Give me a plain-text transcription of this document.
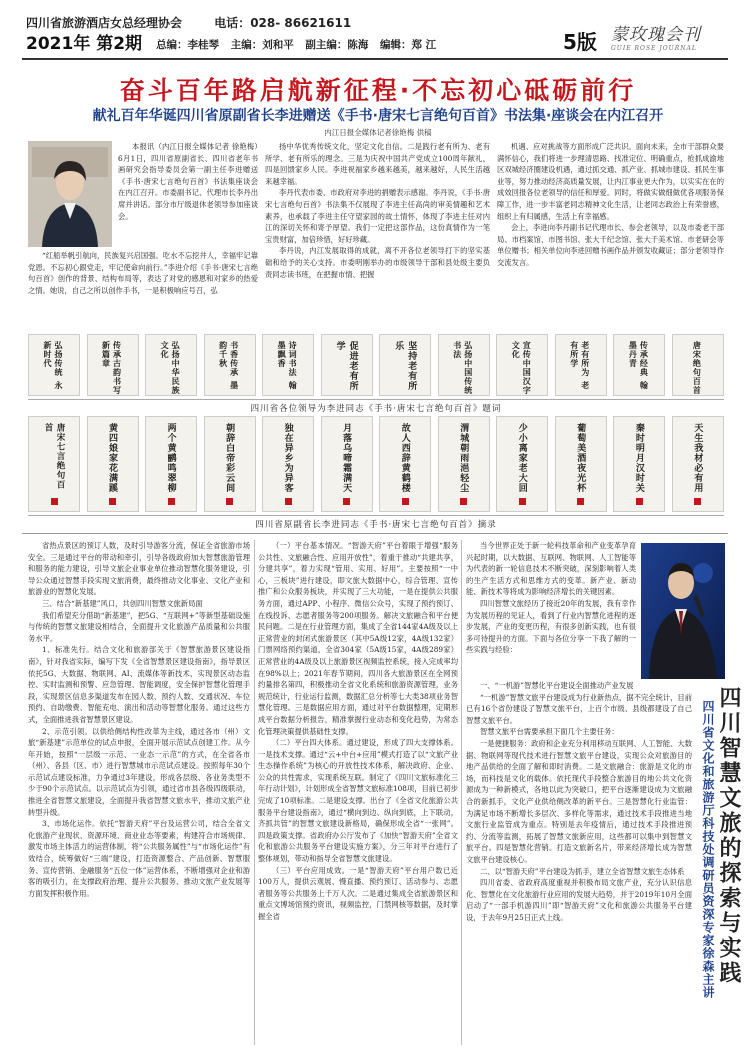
四川省旅游酒店女总经理协会	电话：028- 86621611
2021年 第2期 总编：李桂琴 主编：刘和平 副主编：陈海 编辑：郑 江	5版 蒙玫瑰会刊
GUIE ROSE JOURNAL
奋斗百年路启航新征程·不忘初心砥砺前行
献礼百年华诞四川省原副省长李进赠送《手书·唐宋七言绝句百首》书法集·座谈会在内江召开
内江日报全媒体记者徐艳梅 供稿

本报讯（内江日报全媒体记者 徐艳梅）6月1日，四川省原副省长、四川省老年书画研究会指导委员会第一副主任李进赠送《手书·唐宋七言绝句百首》书法集座谈会在内江召开。市委副书记、代理市长李丹出席并讲话。部分市厅级退休老领导参加座谈会。

“红船举帆引航向，民族复兴启国强。吃水不忘挖井人，幸福牢记靠党恩。不忘初心跟党走，牢记使命向前行。”李进介绍《手书·唐宋七言绝句百首》创作的背景、结构布局等，表达了对党的感恩和对家乡的热爱之情。她说，自己之所以创作手书，一是积极响应号召，弘

扬中华优秀传统文化，坚定文化自信。二是践行老有所为、老有所学、老有所乐的理念。三是为庆祝中国共产党成立100周年献礼，四是回馈家乡人民。李进祝福家乡越来越美，越来越好，人民生活越来越幸福。

李丹代表市委、市政府对李进的捐赠表示感谢。李丹说，《手书·唐宋七言绝句百首》书法集不仅展现了李进主任高尚的审美情趣和艺术素养，也承载了李进主任守望家园的故土情怀，体现了李进主任对内江的深切关怀和寄予厚望。我们一定把这部作品，这份真情作为一笔宝贵财富，加倍珍惜，好好珍藏。

李丹说，内江发展取得的成就，离不开各位老领导打下的坚实基础和给予的关心支持。市委明刚举办的市级领导干部和县处级主要负责同志读书班，在把握市情、把握

机遇、应对挑战等方面形成广泛共识。面向未来，全市干部群众要满怀信心，我们将进一步理清思路、找准定位、明确重点，抢抓成渝地区双城经济圈建设机遇，通过抓交通、抓产业、抓城市建设、抓民生事业等，努力推动经济高质量发展，让内江事业更大作为，以实实在在的成效回报各位老领导的信任和厚爱。同时，将做实做细做优各项服务保障工作，进一步丰富老同志精神文化生活，让老同志政治上有荣誉感，组织上有归属感，生活上有幸福感。

会上，李进向李丹副书记代理市长、参会老领导，以及市委老干部局、市档案馆、市图书馆、张大千纪念馆、张大千美术馆、市老研会等单位赠书；相关单位向李进回赠书画作品并颁发收藏证；部分老领导作交流发言。

弘扬传统 永新时代	传承古韵书写新篇章	弘扬中华民族文化	书香传承 墨韵千秋	诗词书法 翰墨飘香	促进老有所学	坚持老有所乐	弘扬中国传统书法	宣传中国汉字文化	老有所为 老有所学	传承经典 翰墨丹青	唐宋绝句百首
四川省各位领导为李进同志《手书·唐宋七言绝句百首》题词
唐宋七言绝句百首	黄四娘家花满蹊	两个黄鹂鸣翠柳	朝辞白帝彩云间	独在异乡为异客	月落乌啼霜满天	故人西辞黄鹤楼	渭城朝雨浥轻尘	少小离家老大回	葡萄美酒夜光杯	秦时明月汉时关	天生我材必有用
四川省原副省长李进同志《手书·唐宋七言绝句百首》摘录

省热点景区的预订人数，及时引导游客分流，保证全省旅游市场安全。三是通过平台的带动和牵引，引导各级政府加大智慧旅游管理和服务的能力建设，引导文旅企业事业单位推动智慧化服务建设，引导公众通过智慧手段实现文旅消费，最终推动文化事业、文化产业和旅游业的智慧化发展。

三、结合“新基建”风口，共创四川智慧文旅新局面

我们希望充分借助“新基建”，把5G、“互联网+”等新型基础设施与传统的智慧文旅建设相结合，全面提升文化旅游产品质量和公共服务水平。

1、标准先行。结合文化和旅游部关于《智慧旅游景区建设指南》，针对我省实际，编写下发《全省智慧景区建设指南》，指导景区依托5G、大数据、物联网、AI、流媒体等新技术，实现景区动态监控、实时监测和预警、应急管理、智能调度，安全保护智慧化管理手段，实现景区信息多渠道发布在园人数、预约人数、交通状况、车位预约、自助缴费、智能充电、演出和活动等智慧化服务。通过这些方式，全面推进我省智慧景区建设。

2、示范引领。以供给侧结构性改革为主线，通过各市（州）文旅“新基建”示范单位的试点申报，全面开展示范试点创建工作。从今年开始，按照“一层级一示范、一业态一示范”的方式，在全省各市（州）、各县（区、市）进行智慧城市示范试点建设。按照每年30个示范试点建设标准，力争通过3年建设，形成各层级、各业务类型不少于90个示范试点。以示范试点为引领，通过省市县各级四级联动，推进全省智慧文旅建设，全面提升我省智慧文旅水平，推动文旅产业转型升级。

3、市场化运作。依托“智游天府”平台及运营公司，结合全省文化旅游产业现状、资源环境、商业业态等要素，构建符合市场规律、激发市场主体活力的运营体制，将“公共服务属性”与“市场化运作”有效结合，统筹做好“三端”建设，打造资源整合、产品创新、智慧服务、宣传营销、金融服务“五位一体”运营体系，不断增强对企业和游客的吸引力，在支撑政府治理、提升公共服务、推动文旅产业发展等方面发挥积极作用。

（一）平台基本情况。“智游天府”平台着眼于增强“服务公共性、文旅融合性、应用开放性”，着重于推动“共建共享，分建共享”，着力实现“管用、实用、好用”。主要按照“一中心，三板块”进行建设，即文旅大数据中心，综合管理、宣传推广和公众服务板块，并实现了三大功能，一是在提供公共服务方面，通过APP、小程序、微信公众号，实现了预约预订、在线投诉、志愿者服务等200项服务。解决文旅融合和平台便民问题。二是在行业管理方面，集成了全省144家4A级及以上正常营业的封闭式旅游景区（其中5A级12家，4A级132家）门票网络预约渠道，全省304家（5A级15家，4A级289家）正常营业的4A级及以上旅游景区视频监控系统，接入完成率均在98%以上；2021年春节期间，四川各大旅游景区在全网预约量排名第四，积极推动全省文化系统和旅游资源管理，业务规范统计，行业运行监测，数据汇总分析等七大类38项业务智慧化管理。三是数据应用方面，通过对平台数据整理，定期形成平台数据分析报告，精准掌握行业动态和变化趋势，为常态化管理决策提供基础性支撑。

（二）平台四大体系。通过建设，形成了四大支撑体系。一是技术支撑。通过“云+中台+应用”模式打造了以“文旅产业生态操作系统”为核心的开放性技术体系，解决政府、企业、公众的共性需求，实现系统互联。制定了《四川文旅标准化三年行动计划》，计划形成全省智慧文旅标准108项，目前已初步完成了10项标准。二是建设支撑。出台了《全省文化旅游公共服务平台建设指南》，通过“横向到边、纵向到底，上下联动，齐抓共管”的智慧文旅建设新格局，确保形成全省“一张网”。四是政策支撑。省政府办公厅发布了《加快“智游天府”全省文化和旅游公共服务平台建设实施方案》，分三年对平台进行了整体规划，带动和指导全省智慧文旅建设。

（三）平台应用成效。一是“智游天府”平台用户数已近100万人，提供云观展、慢直播、预约预订、活动参与、志愿者服务等公共服务上千万人次。二是通过集成全省旅游景区和重点文博场馆预约资讯，视频监控，门禁网核等数据，及时掌握全省

当今世界正处于新一轮科技革命和产业变革孕育兴起时期，以大数据、互联网、物联网、人工智能等为代表的新一轮信息技术不断突破，深刻影响着人类的生产生活方式和思维方式的变革。新产业、新动能、新技术等将成为影响经济增长的关键因素。

四川智慧文旅经历了接近20年的发展，我有幸作为发展历程的见证人，看到了行业内智慧化进程的逐步发展，产业的变更历程，有很多创新实践，也有很多可待提升的方面。下面与各位分享一下我了解的一些实践与经验：

一、“一机游”智慧化平台建设全面推动产业发展

“一机游”智慧文旅平台建设成为行业新热点，据不完全统计，目前已有16个省份建设了智慧文旅平台，上百个市级、县级都建设了自己智慧文旅平台。

智慧文旅平台需要承担下面几个主要任务：

一是便捷服务：政府和企业充分利用移动互联网、人工智能、大数据、物联网等现代技术进行智慧文旅平台建设，实现公众对旅游目的地产品供给的全面了解和即时消费。二是文旅融合：旅游是文化的市场，而科技是文化的载体。依托现代手段整合旅游目的地公共文化资源成为一种新模式，各地以此为突破口，把平台逐渐建设成为文旅融合的新抓手，文化产业供给侧改革的新平台。三是智慧化行业监管：为满足市场不断增长多层次、多样化等需求，通过技术手段推进当地文旅行业监管成为重点。特别是去年疫情后，通过技术手段推进预约、分流等监测，拓展了智慧文旅新应用，这些都可以集中到智慧文旅平台。四是智慧化营销。打造文旅新名片，带来经济增长成为智慧文旅平台建设核心。

二、以“智游天府”平台建设为抓手，建立全省智慧文旅生态体系

四川省委、省政府高度重视并积极布局文旅产业，充分认识信息化、智慧化在文化旅游行业应用的发展大趋势，并于2019年10月全面启动了“一部手机游四川”即“智游天府”文化和旅游公共服务平台建设，于去年9月25日正式上线。	四川智慧文旅的探索与实践
四川省文化和旅游厅科技处调研员资深专家徐森主讲
